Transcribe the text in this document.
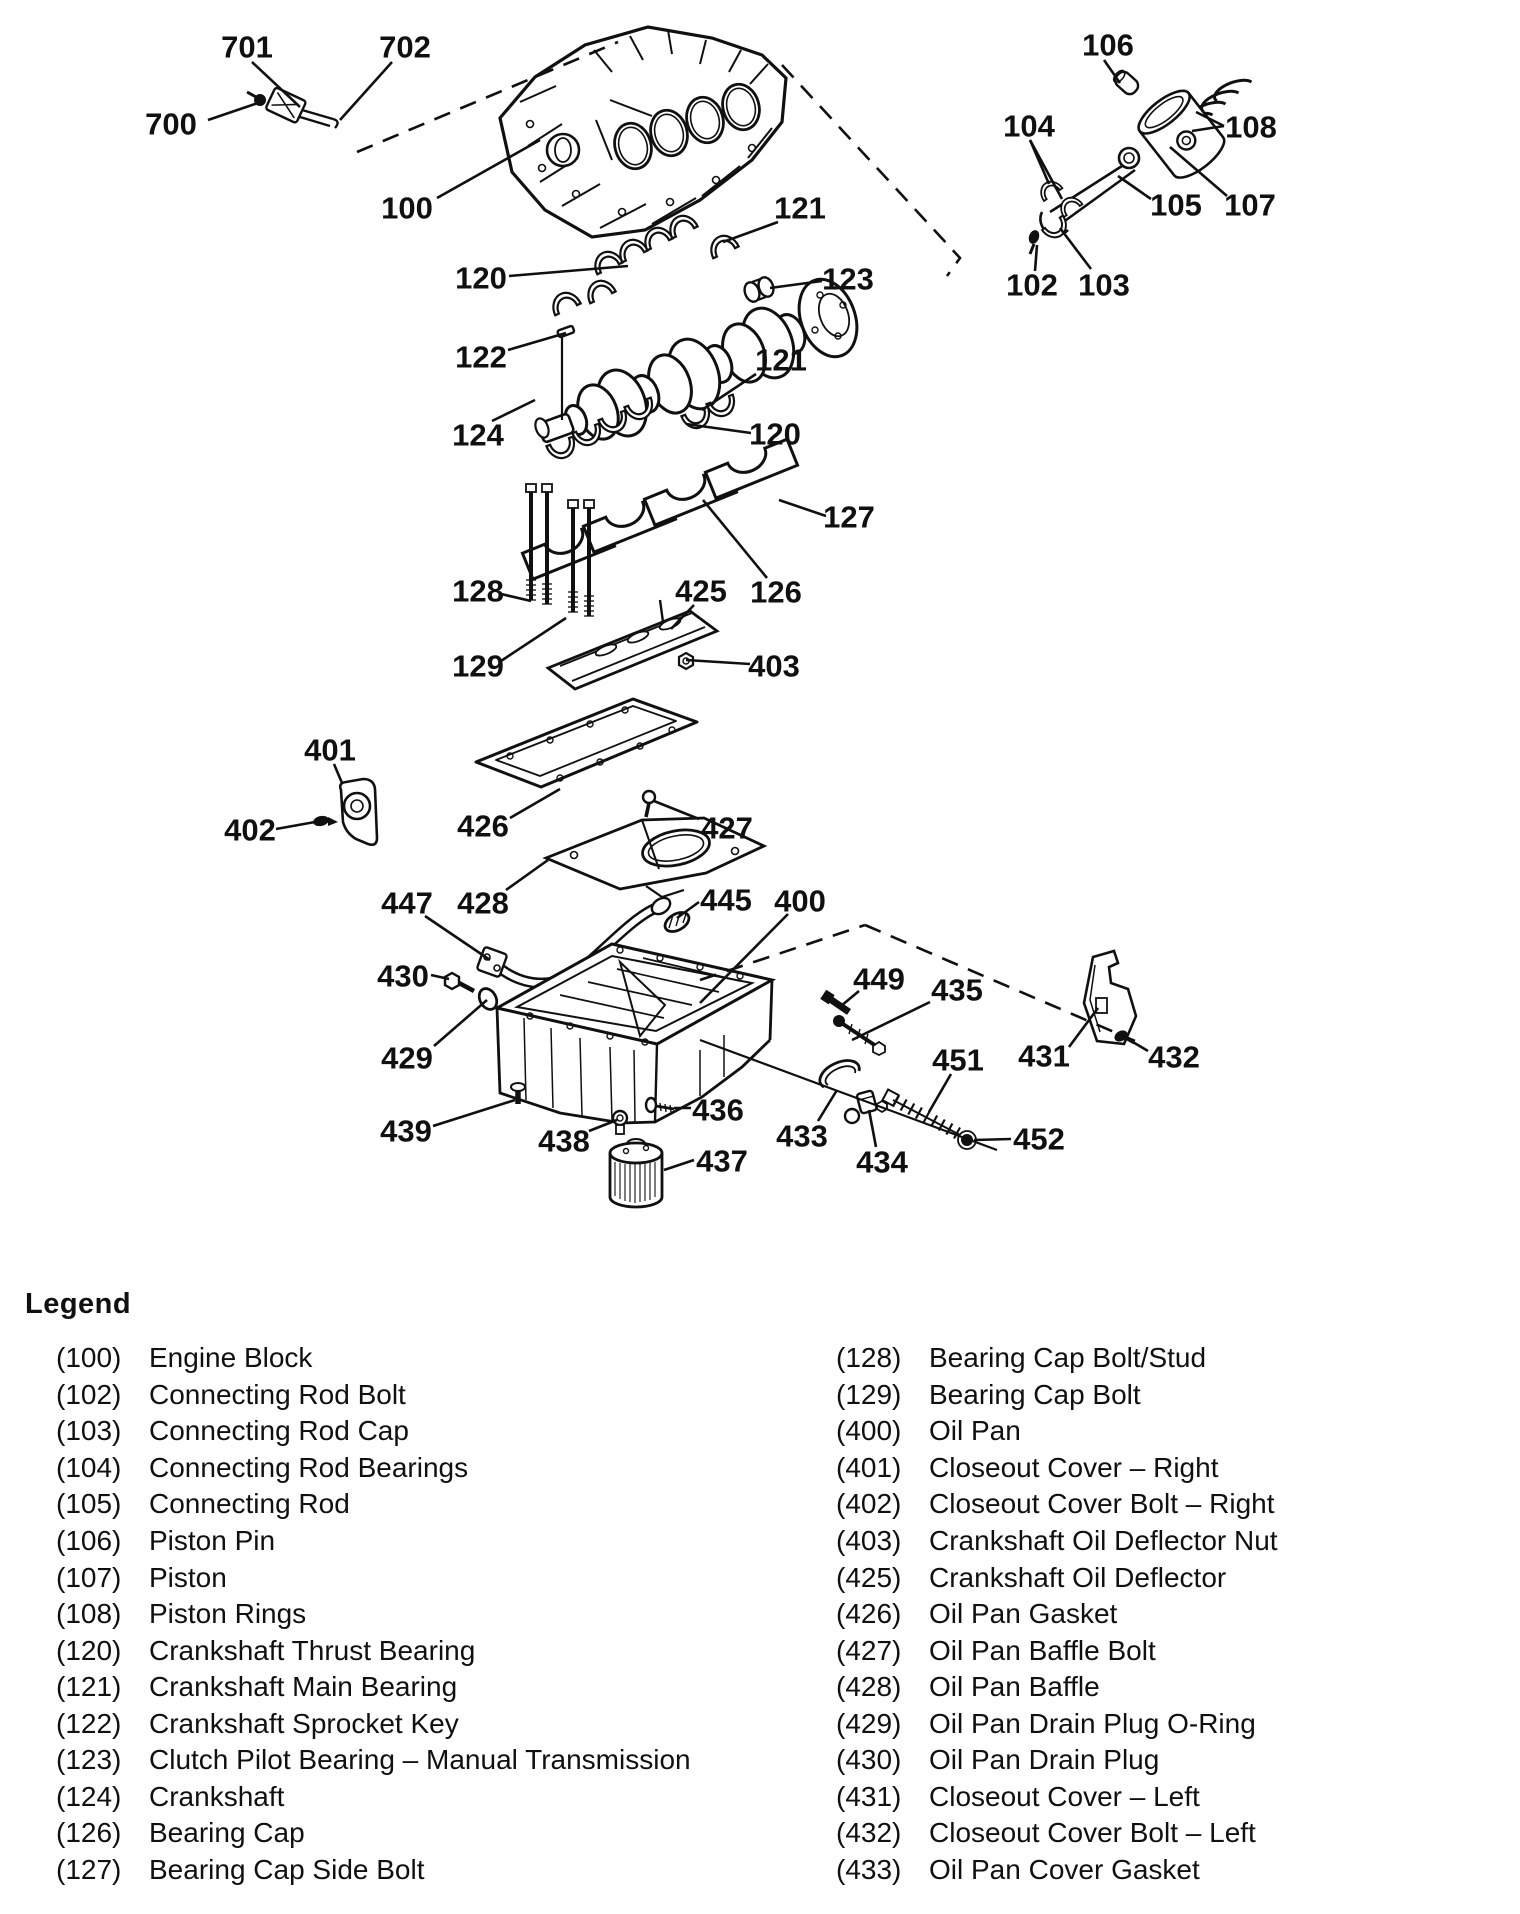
700
701	702
100	121
120	123
122	121
124	120
127
126
128	425
129	403
401
402	426	427
447 428	445 400
430	449 435
429	431	432
451
439
436
438	433
437	434
452
106
104	108
105 107
102 103
Legend
(100) Engine Block
(102) Connecting Rod Bolt
(103) Connecting Rod Cap
(104) Connecting Rod Bearings
(105) Connecting Rod
(106) Piston Pin
(107) Piston
(108) Piston Rings
(120) Crankshaft Thrust Bearing
(121) Crankshaft Main Bearing
(122) Crankshaft Sprocket Key
(123) Clutch Pilot Bearing – Manual Transmission
(124) Crankshaft
(126) Bearing Cap
(127) Bearing Cap Side Bolt
(128) Bearing Cap Bolt/Stud
(129) Bearing Cap Bolt
(400) Oil Pan
(401) Closeout Cover – Right
(402) Closeout Cover Bolt – Right
(403) Crankshaft Oil Deflector Nut
(425) Crankshaft Oil Deflector
(426) Oil Pan Gasket
(427) Oil Pan Baffle Bolt
(428) Oil Pan Baffle
(429) Oil Pan Drain Plug O-Ring
(430) Oil Pan Drain Plug
(431) Closeout Cover – Left
(432) Closeout Cover Bolt – Left
(433) Oil Pan Cover Gasket
